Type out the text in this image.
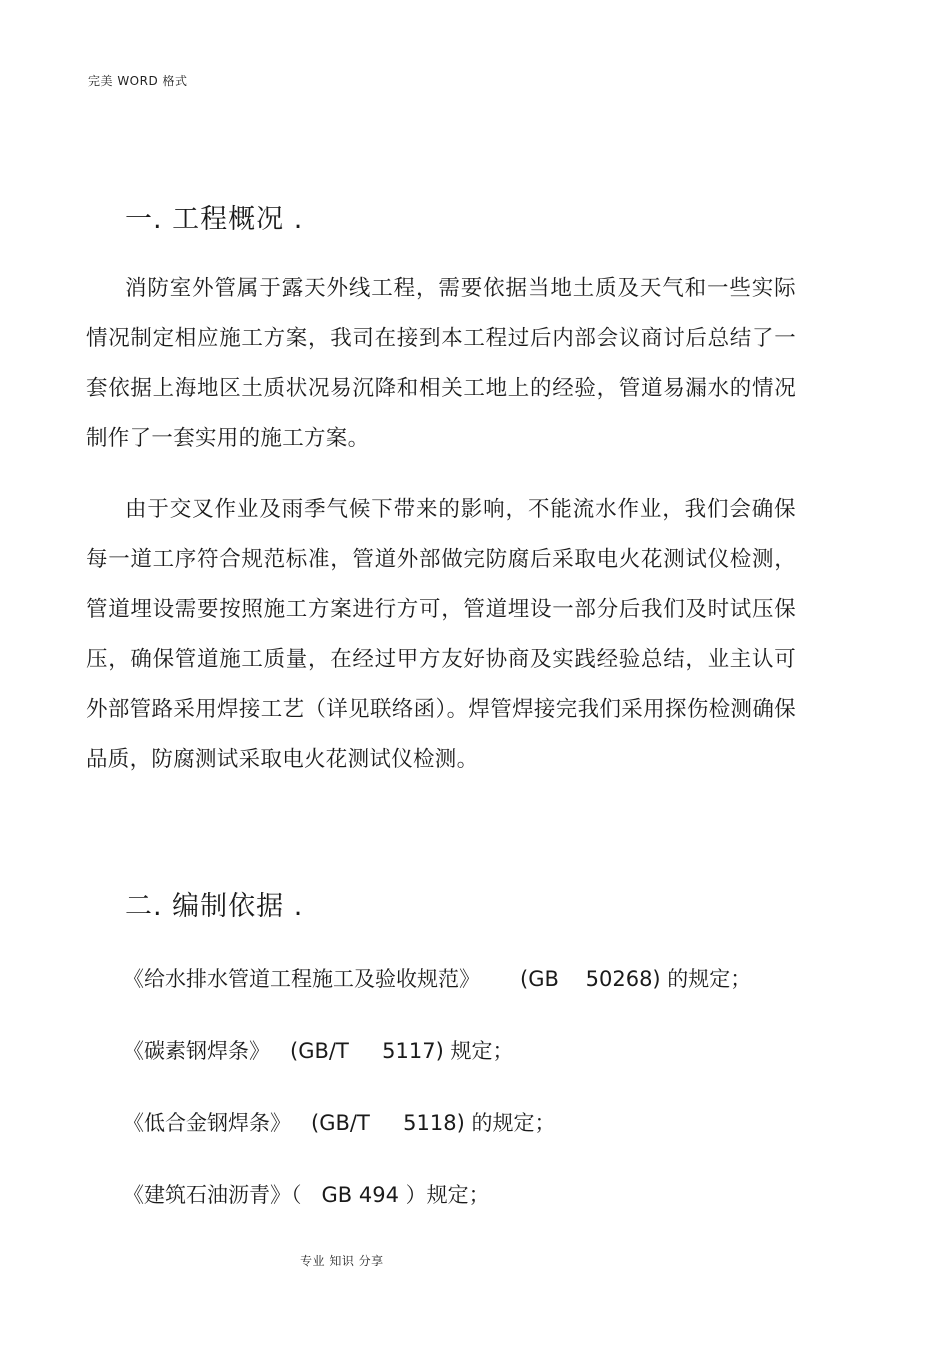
完美 WORD 格式
一. 工程概况 .

消防室外管属于露天外线工程，需要依据当地土质及天气和一些实际情况制定相应施工方案，我司在接到本工程过后内部会议商讨后总结了一套依据上海地区土质状况易沉降和相关工地上的经验，管道易漏水的情况制作了一套实用的施工方案。

由于交叉作业及雨季气候下带来的影响，不能流水作业，我们会确保每一道工序符合规范标准，管道外部做完防腐后采取电火花测试仪检测，管道埋设需要按照施工方案进行方可，管道埋设一部分后我们及时试压保压，确保管道施工质量，在经过甲方友好协商及实践经验总结，业主认可外部管路采用焊接工艺（详见联络函）。焊管焊接完我们采用探伤检测确保品质，防腐测试采取电火花测试仪检测。

二. 编制依据 .

《给水排水管道工程施工及验收规范》      (GB    50268) 的规定；

《碳素钢焊条》   (GB/T     5117) 规定；

《低合金钢焊条》   (GB/T     5118) 的规定；

《建筑石油沥青》（   GB 494 ）规定；

专业 知识 分享
